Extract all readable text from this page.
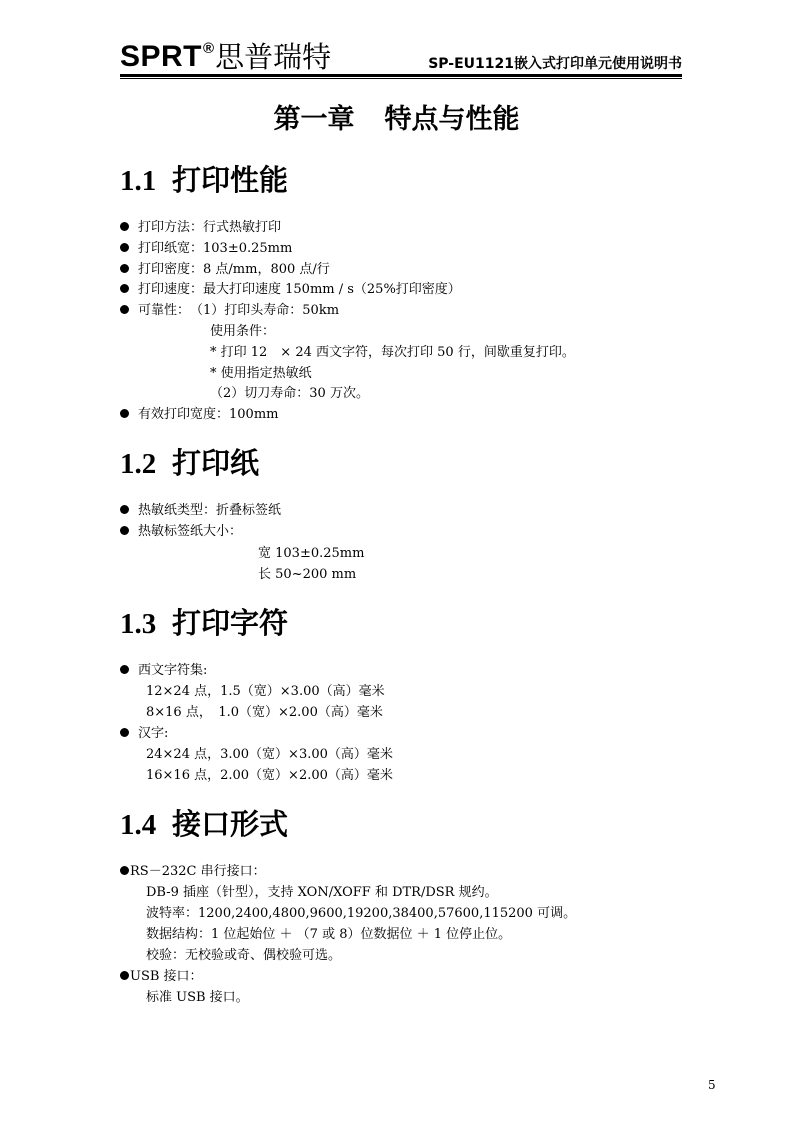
SPRT ® 思普瑞特	SP-EU1121嵌入式打印单元使用说明书
第一章 特点与性能
1.1 打印性能
打印方法：行式热敏打印
打印纸宽：103±0.25mm
打印密度：8 点/mm，800 点/行
打印速度：最大打印速度 150mm / s（25%打印密度）
可靠性：　（1）打印头寿命：50km
使用条件：
* 打印 12　× 24 西文字符，每次打印 50 行，间歇重复打印。
* 使用指定热敏纸
（2）切刀寿命：30 万次。
有效打印宽度：100mm
1.2 打印纸
热敏纸类型：折叠标签纸
热敏标签纸大小：
宽 103±0.25mm
长 50~200 mm
1.3 打印字符
西文字符集:
12×24 点，1.5（宽）×3.00（高）毫米
8×16 点，　1.0（宽）×2.00（高）毫米
汉字:
24×24 点，3.00（宽）×3.00（高）毫米
16×16 点，2.00（宽）×2.00（高）毫米
1.4 接口形式
RS－232C 串行接口：
DB-9 插座（针型），支持 XON/XOFF 和 DTR/DSR 规约。
波特率：1200,2400,4800,9600,19200,38400,57600,115200 可调。
数据结构：1 位起始位 ＋ （7 或 8）位数据位 ＋ 1 位停止位。
校验：无校验或奇、偶校验可选。
USB 接口：
标准 USB 接口。
5
